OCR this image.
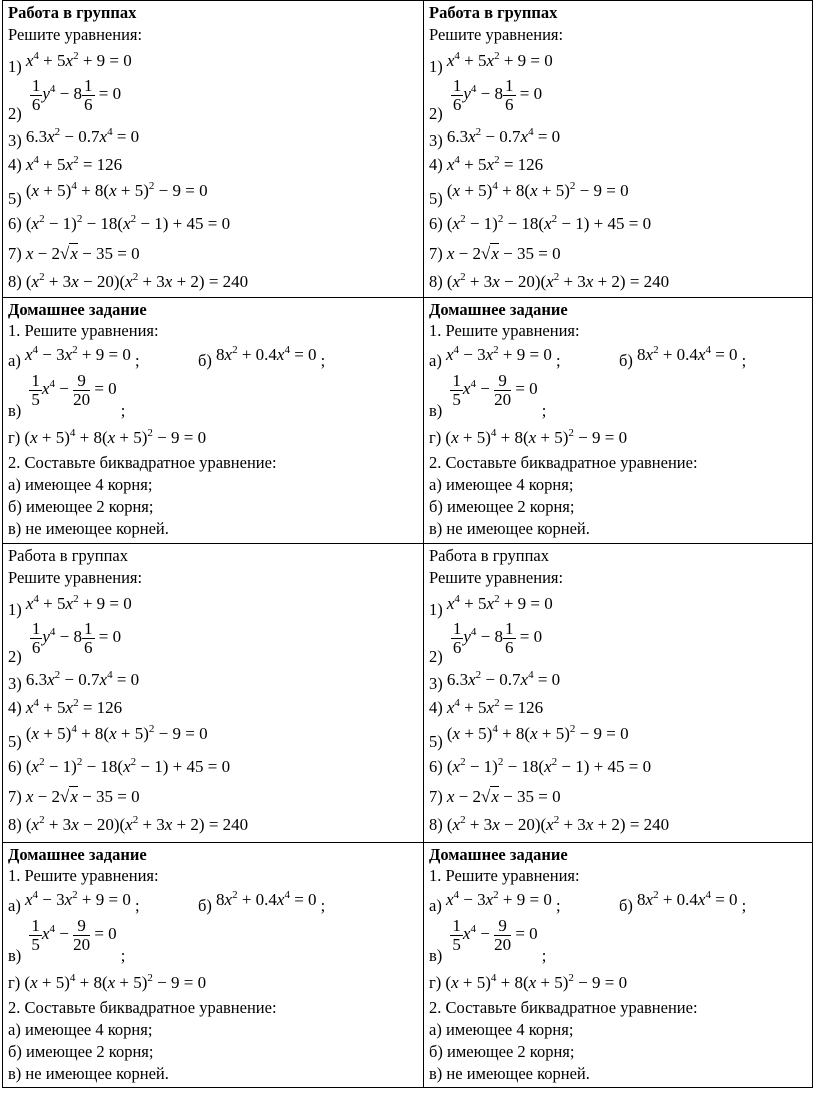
Работа в группах
Решите уравнения:
1) $x^4 + 5x^2 + 9 = 0$
$2) \frac{1}{6} y^4 - 8 \frac{1}{6} = 0$
3) $6.3x^2 - 0.7x^4 = 0$
4) $x^4 + 5x^2 = 126$
5) $(x + 5)^4 + 8(x + 5)^2 - 9 = 0$
6) $(x^2 - 1)^2 - 18(x^2 - 1) + 45 = 0$
7) x − 2√x − 35 = 0
8) $(x^2 + 3x - 20)(x^2 + 3x + 2) = 240$
Работа в группах
Решите уравнения:
1) $x^4 + 5x^2 + 9 = 0$
$2) \frac{1}{6} y^4 - 8 \frac{1}{6} = 0$
3) $6.3x^2 - 0.7x^4 = 0$
4) $x^4 + 5x^2 = 126$
5) $(x + 5)^4 + 8(x + 5)^2 - 9 = 0$
6) $(x^2 - 1)^2 - 18(x^2 - 1) + 45 = 0$
7) x − 2√x − 35 = 0
8) $(x^2 + 3x - 20)(x^2 + 3x + 2) = 240$
Домашнее задание
1. Решите уравнения:
а) $x^4 - 3x^2 + 9 = 0$ ;	б) $8x^2 + 0.4x^4 = 0$ ;
в)
$\frac{1}{5} x^4 - \frac{9}{20} = 0$ ;
г) $(x + 5)^4 + 8(x + 5)^2 - 9 = 0$
2. Составьте биквадратное уравнение:
а) имеющее 4 корня;
б) имеющее 2 корня;
в) не имеющее корней.
Домашнее задание
1. Решите уравнения:
а) $x^4 - 3x^2 + 9 = 0$ ;	б) $8x^2 + 0.4x^4 = 0$ ;
в)
$\frac{1}{5} x^4 - \frac{9}{20} = 0$ ;
г) $(x + 5)^4 + 8(x + 5)^2 - 9 = 0$
2. Составьте биквадратное уравнение:
а) имеющее 4 корня;
б) имеющее 2 корня;
в) не имеющее корней.
Работа в группах
Решите уравнения:
1) $x^4 + 5x^2 + 9 = 0$
$2) \frac{1}{6} y^4 - 8 \frac{1}{6} = 0$
3) $6.3x^2 - 0.7x^4 = 0$
4) $x^4 + 5x^2 = 126$
5) $(x + 5)^4 + 8(x + 5)^2 - 9 = 0$
6) $(x^2 - 1)^2 - 18(x^2 - 1) + 45 = 0$
7) x − 2√x − 35 = 0
8) $(x^2 + 3x - 20)(x^2 + 3x + 2) = 240$
Работа в группах
Решите уравнения:
1) $x^4 + 5x^2 + 9 = 0$
$2) \frac{1}{6} y^4 - 8 \frac{1}{6} = 0$
3) $6.3x^2 - 0.7x^4 = 0$
4) $x^4 + 5x^2 = 126$
5) $(x + 5)^4 + 8(x + 5)^2 - 9 = 0$
6) $(x^2 - 1)^2 - 18(x^2 - 1) + 45 = 0$
7) x − 2√x − 35 = 0
8) $(x^2 + 3x - 20)(x^2 + 3x + 2) = 240$
Домашнее задание
1. Решите уравнения:
а) $x^4 - 3x^2 + 9 = 0$ ;	б) $8x^2 + 0.4x^4 = 0$ ;
в)
$\frac{1}{5} x^4 - \frac{9}{20} = 0$ ;
г) $(x + 5)^4 + 8(x + 5)^2 - 9 = 0$
2. Составьте биквадратное уравнение:
а) имеющее 4 корня;
б) имеющее 2 корня;
в) не имеющее корней.
Домашнее задание
1. Решите уравнения:
а) $x^4 - 3x^2 + 9 = 0$ ;	б) $8x^2 + 0.4x^4 = 0$ ;
в)
$\frac{1}{5} x^4 - \frac{9}{20} = 0$ ;
г) $(x + 5)^4 + 8(x + 5)^2 - 9 = 0$
2. Составьте биквадратное уравнение:
а) имеющее 4 корня;
б) имеющее 2 корня;
в) не имеющее корней.
